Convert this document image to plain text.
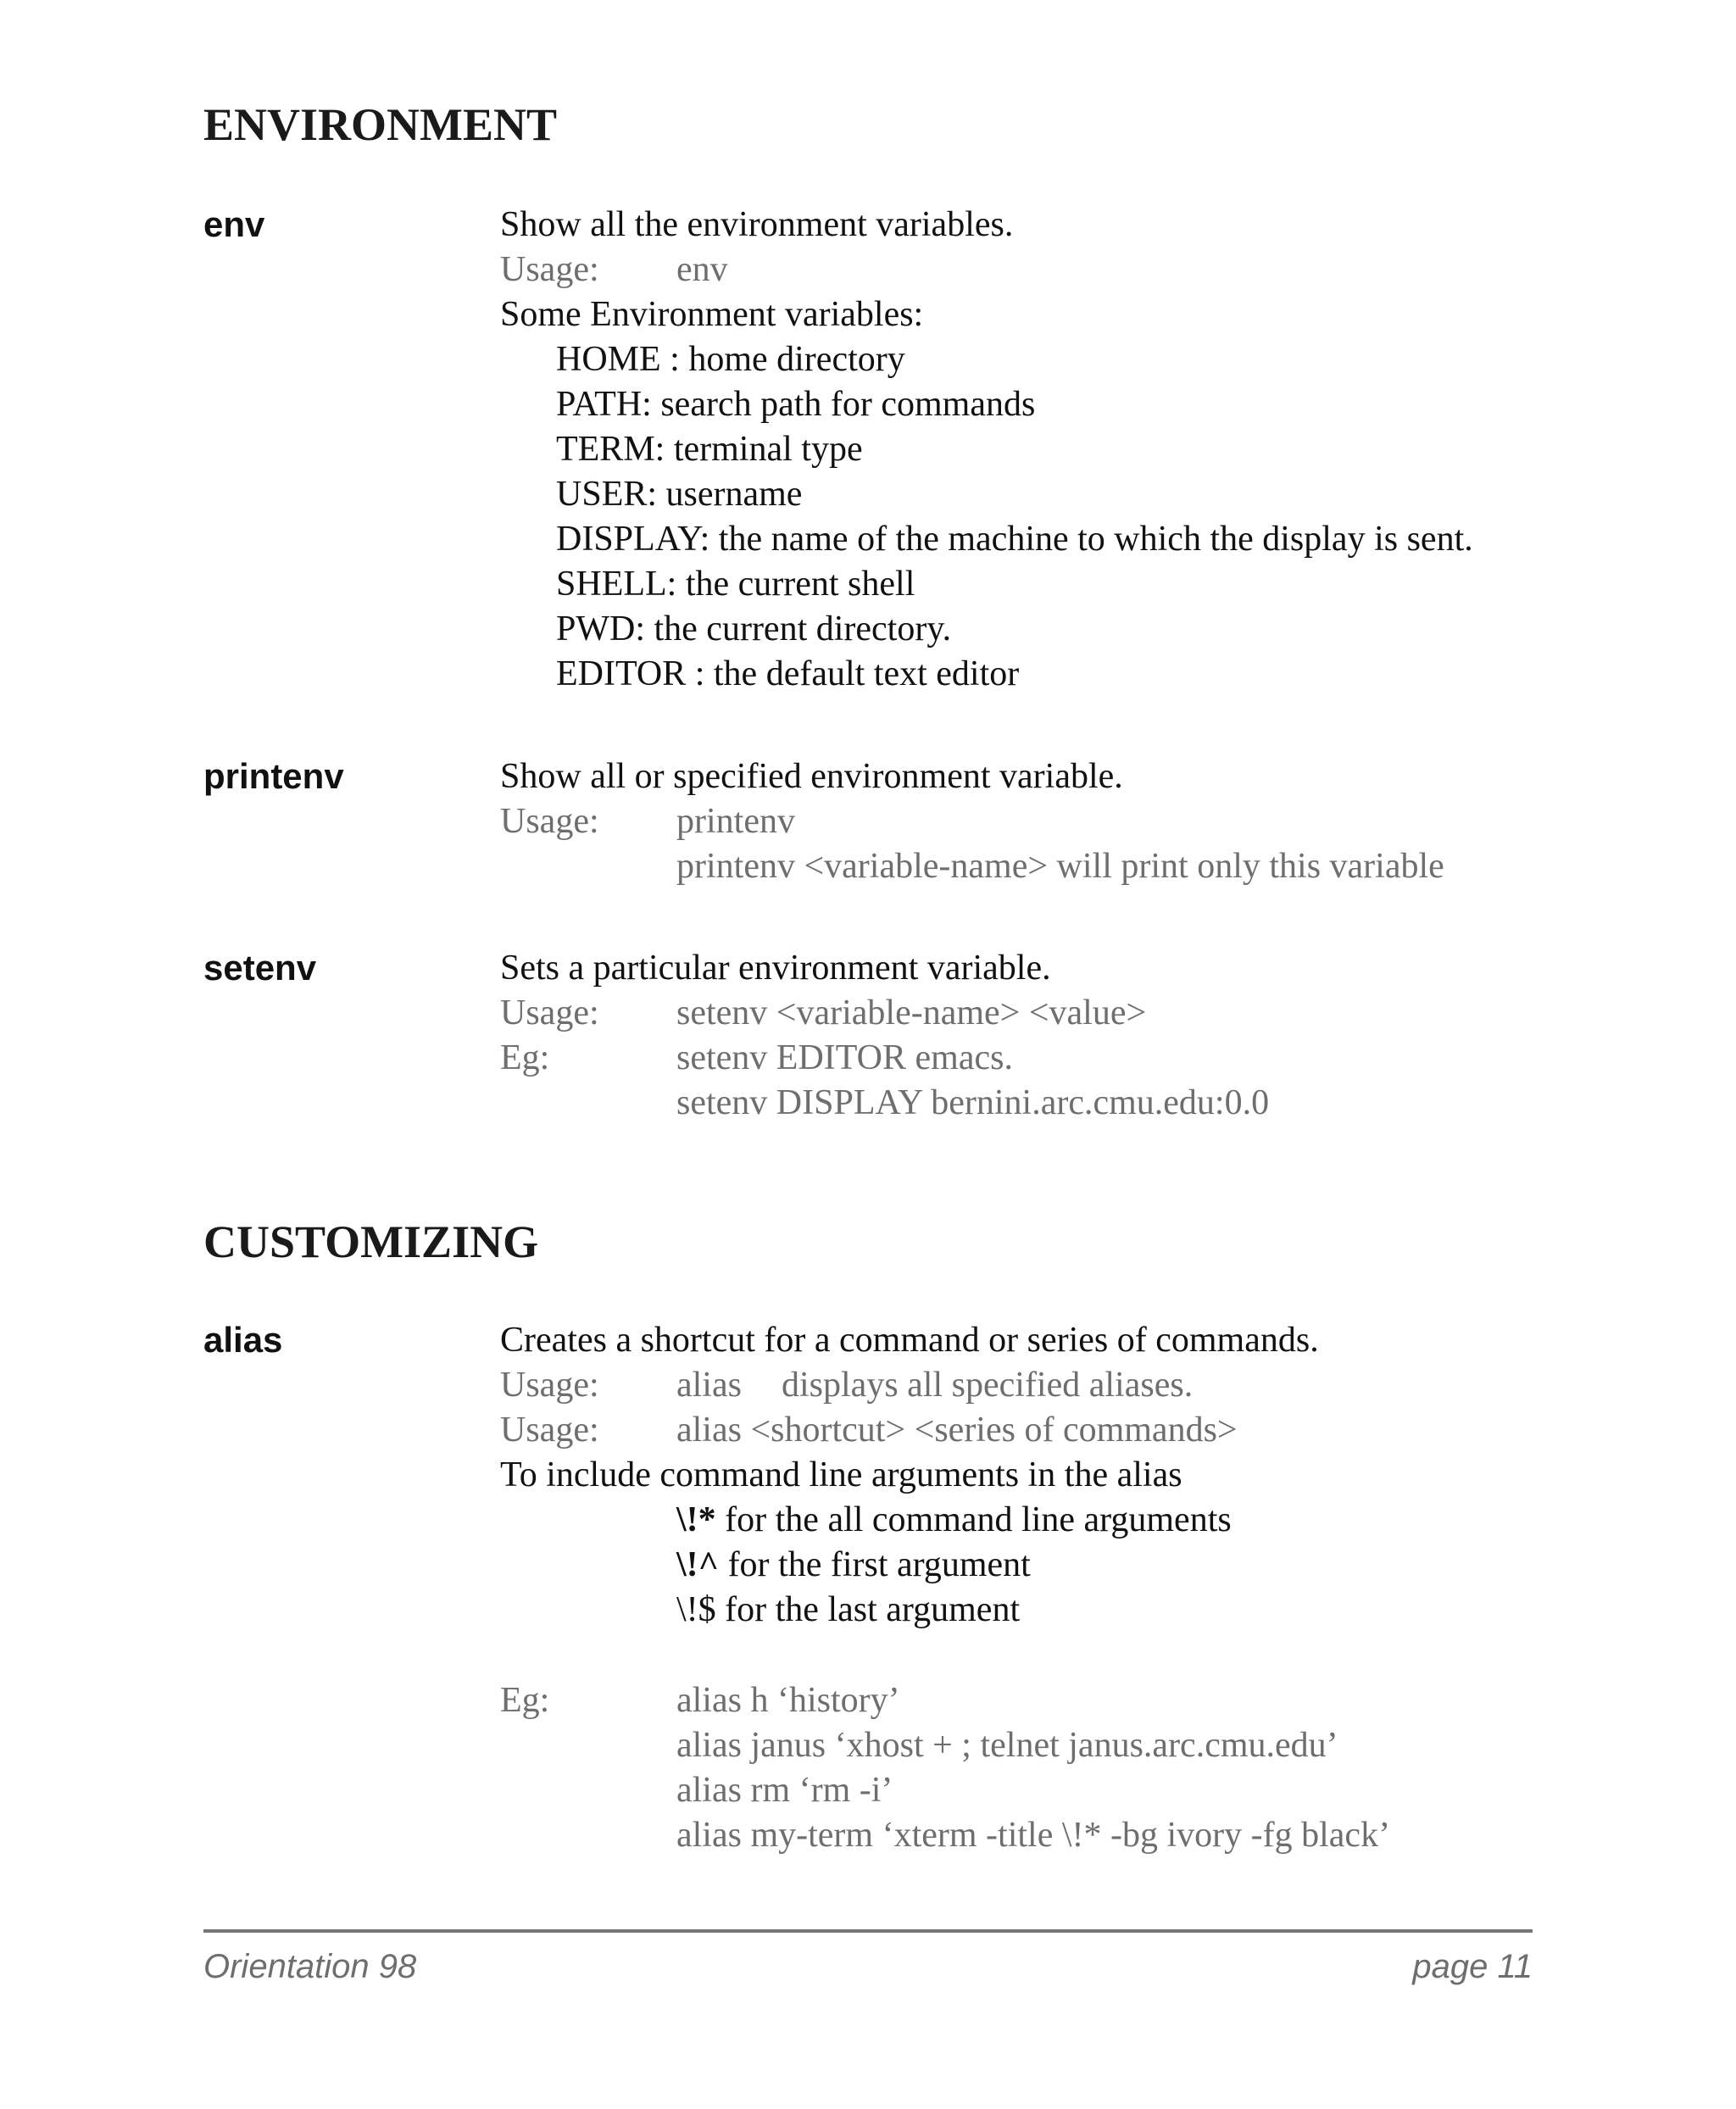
ENVIRONMENT
env	Show all the environment variables.
Usage: env
Some Environment variables:
HOME : home directory
PATH: search path for commands
TERM: terminal type
USER: username
DISPLAY: the name of the machine to which the display is sent.
SHELL: the current shell
PWD: the current directory.
EDITOR : the default text editor
printenv	Show all or specified environment variable.
Usage: printenv
printenv <variable-name> will print only this variable
setenv	Sets a particular environment variable.
Usage: setenv <variable-name> <value>
Eg:	setenv EDITOR emacs.
setenv DISPLAY bernini.arc.cmu.edu:0.0
CUSTOMIZING
alias	Creates a shortcut for a command or series of commands.
Usage: alias displays all specified aliases.
Usage: alias <shortcut> <series of commands>
To include command line arguments in the alias
\!* for the all command line arguments
\!^ for the first argument
\!$ for the last argument
Eg:	alias h ‘history’
alias janus ‘xhost + ; telnet janus.arc.cmu.edu’
alias rm ‘rm -i’
alias my-term ‘xterm -title \!* -bg ivory -fg black’
Orientation 98	page 11
